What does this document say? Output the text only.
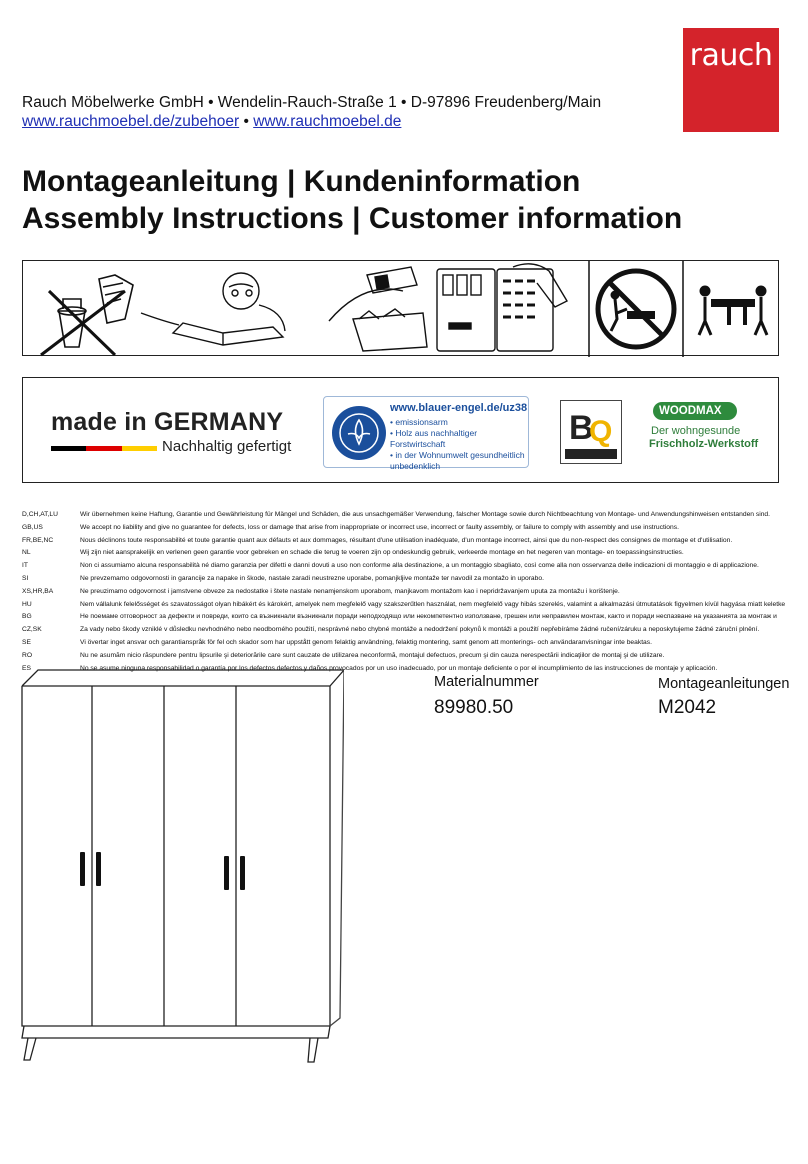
rauch
Rauch Möbelwerke GmbH • Wendelin-Rauch-Straße 1 • D-97896 Freudenberg/Main
www.rauchmoebel.de/zubehoer • www.rauchmoebel.de
Montageanleitung | Kundeninformation
Assembly Instructions | Customer information
made in GERMANY
Nachhaltig gefertigt
www.blauer-engel.de/uz38
• emissionsarm
• Holz aus nachhaltiger Forstwirtschaft
• in der Wohnumwelt gesundheitlich unbedenklich
B
Q
WOODMAX
Der wohngesunde
Frischholz-Werkstoff
D,CH,AT,LU	Wir übernehmen keine Haftung, Garantie und Gewährleistung für Mängel und Schäden, die aus unsachgemäßer Verwendung, falscher Montage sowie durch Nichtbeachtung von Montage- und Anwendungshinweisen entstanden sind.
GB,US	We accept no liability and give no guarantee for defects, loss or damage that arise from inappropriate or incorrect use, incorrect or faulty assembly, or failure to comply with assembly and use instructions.
FR,BE,NC	Nous déclinons toute responsabilité et toute garantie quant aux défauts et aux dommages, résultant d'une utilisation inadéquate, d'un montage incorrect, ainsi que du non-respect des consignes de montage et d'utilisation.
NL	Wij zijn niet aansprakelijk en verlenen geen garantie voor gebreken en schade die terug te voeren zijn op ondeskundig gebruik, verkeerde montage en het negeren van montage- en toepassingsinstructies.
IT	Non ci assumiamo alcuna responsabilità né diamo garanzia per difetti e danni dovuti a uso non conforme alla destinazione, a un montaggio sbagliato, così come alla non osservanza delle indicazioni di montaggio e di applicazione.
SI	Ne prevzemamo odgovornosti in garancije za napake in škode, nastale zaradi neustrezne uporabe, pomanjkljive montaže ter navodil za montažo in uporabo.
XS,HR,BA	Ne preuzimamo odgovornost i jamstvene obveze za nedostatke i štete nastale nenamjenskom uporabom, manjkavom montažom kao i nepridržavanjem uputa za montažu i korištenje.
HU	Nem vállalunk felelősséget és szavatosságot olyan hibákért és károkért, amelyek nem megfelelő vagy szakszerűtlen használat, nem megfelelő vagy hibás szerelés, valamint a alkalmazási útmutatások figyelmen kívül hagyása miatt keletke
BG	Не поемаме отговорност за дефекти и повреди, които са възникнали възникнали поради неподходящо или некомпетентно използване, грешен или неправилен монтаж, както и поради неспазване на указанията за монтаж и
CZ,SK	Za vady nebo škody vzniklé v důsledku nevhodného nebo neodborného použití, nesprávné nebo chybné montáže a nedodržení pokynů k montáži a použití nepřebíráme žádné ručení/záruku a neposkytujeme žádné záruční plnění.
SE	Vi övertar inget ansvar och garantianspråk för fel och skador som har uppstått genom felaktig användning, felaktig montering, samt genom att monterings- och användaranvisningar inte beaktas.
RO	Nu ne asumăm nicio răspundere pentru lipsurile şi deteriorările care sunt cauzate de utilizarea neconformă, montajul defectuos, precum şi din cauza nerespectării indicaţiilor de montaj şi de utilizare.
ES	No se asume ninguna responsabilidad o garantía por los defectos defectos y daños provocados por un uso inadecuado, por un montaje deficiente o por el incumplimiento de las instrucciones de montaje y aplicación.
Materialnummer
89980.50
Montageanleitungen
M2042
